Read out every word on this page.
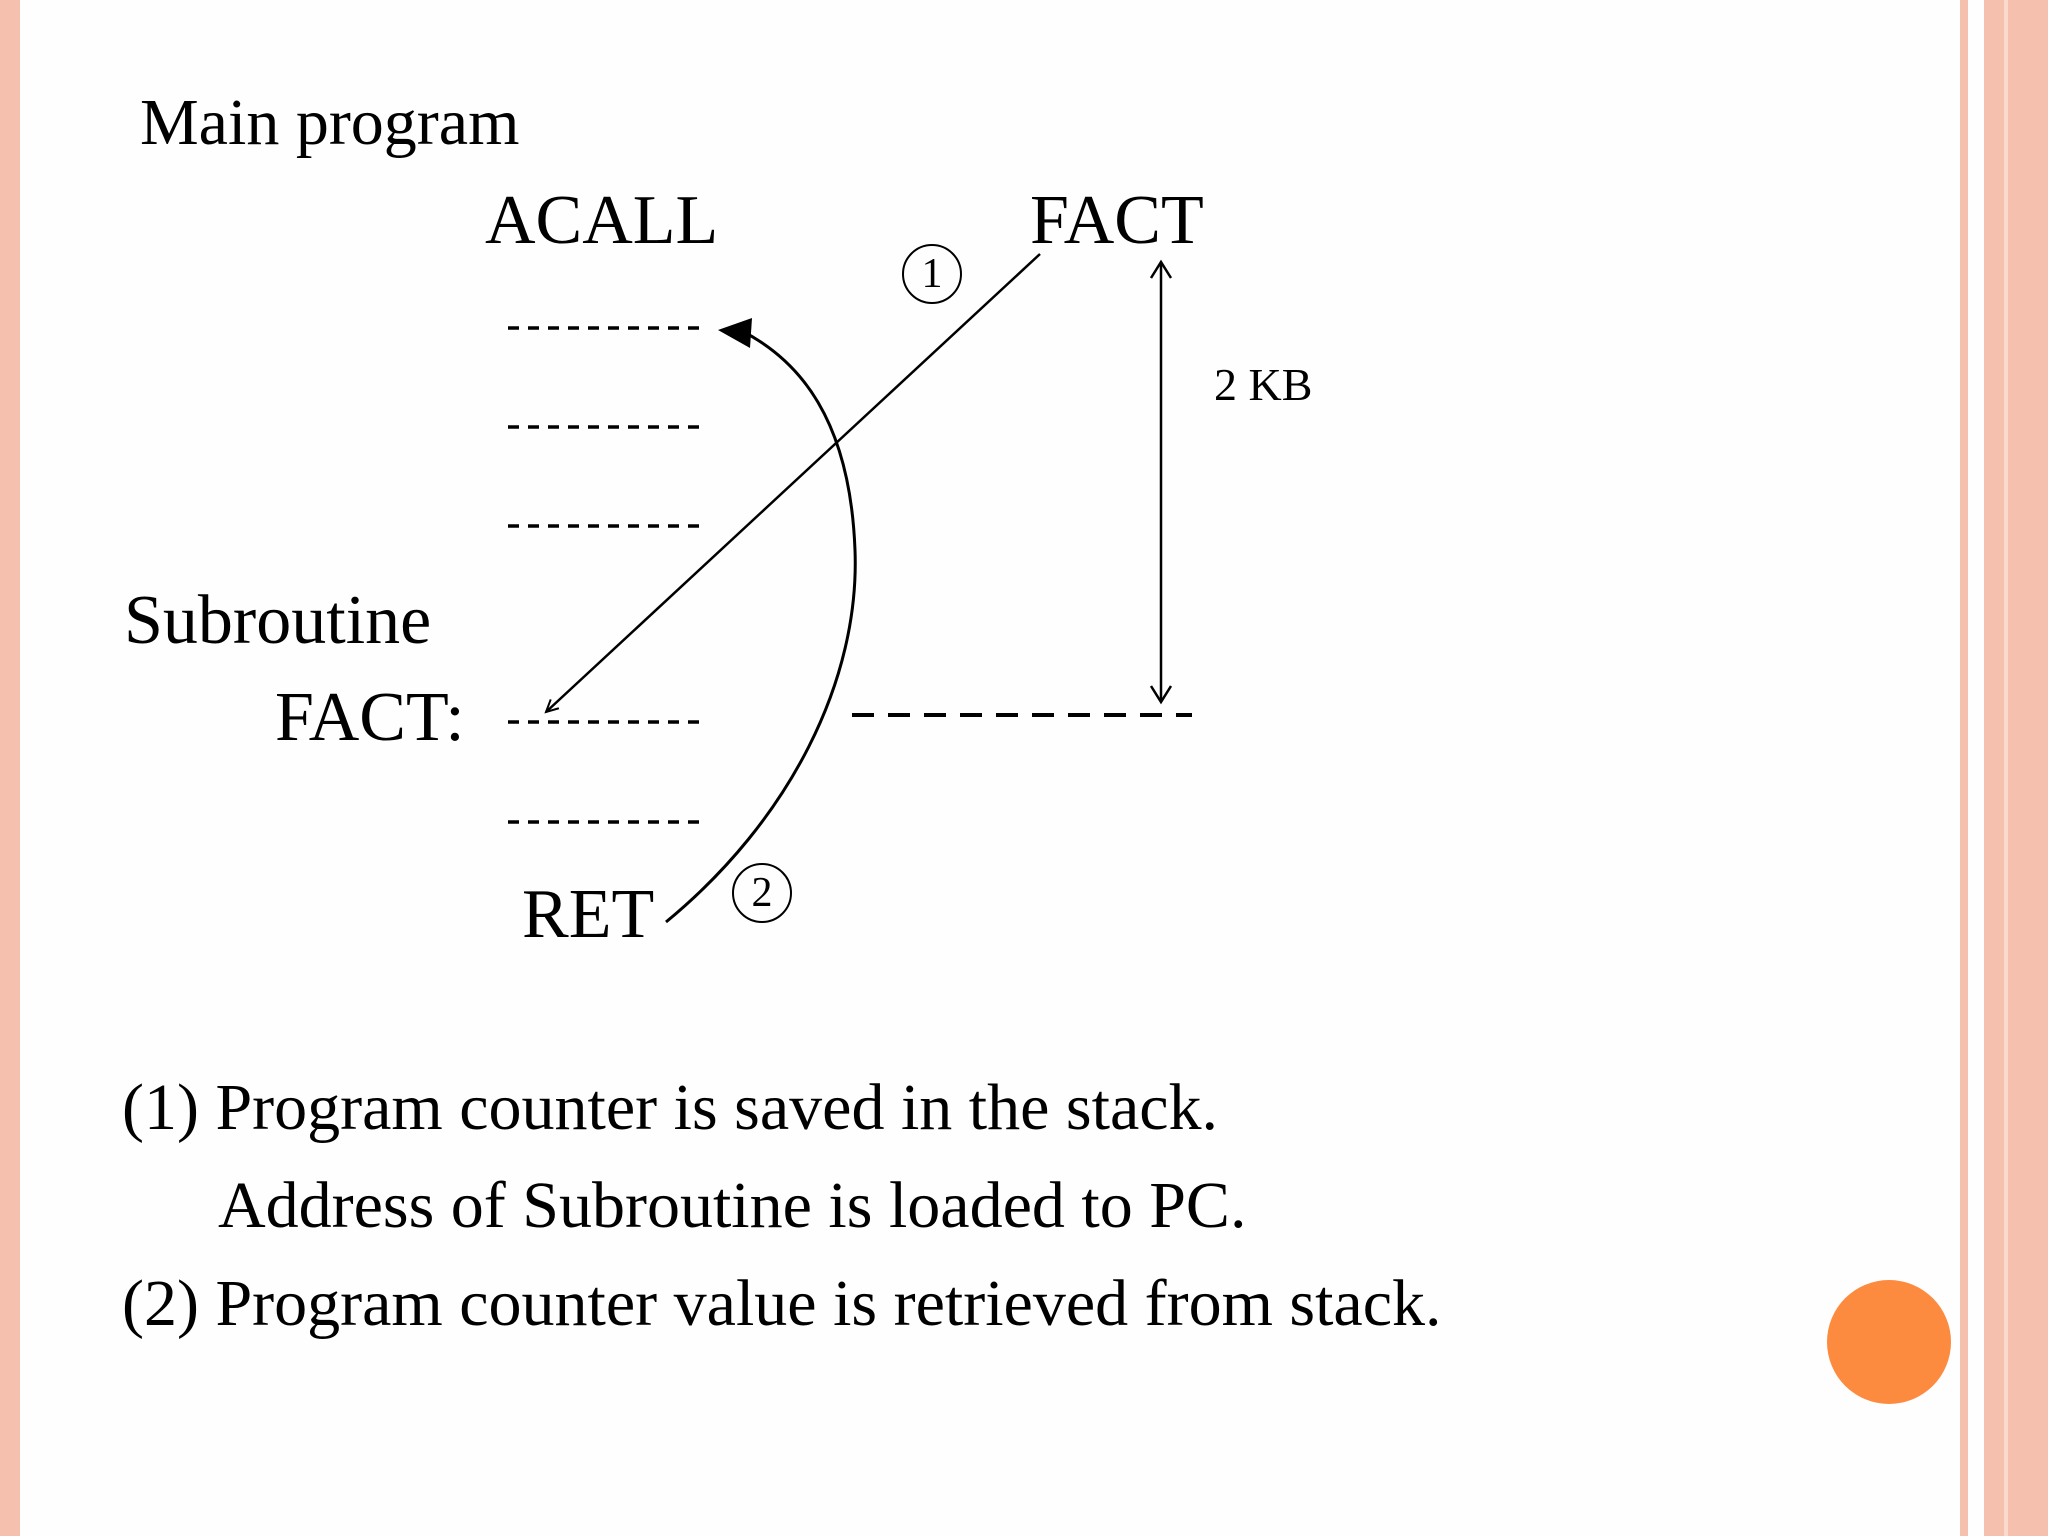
Main program
ACALL	FACT
Subroutine
FACT:
RET
2 KB
1
2
(1) Program counter is saved in the stack.
Address of Subroutine is loaded to PC.
(2) Program counter value is retrieved from stack.
